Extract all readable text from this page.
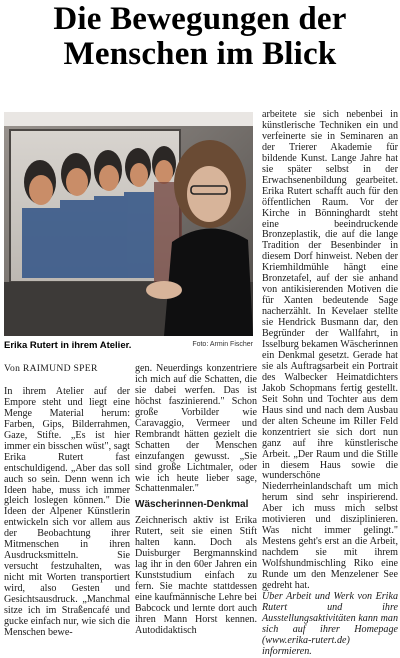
Die Bewegungen der
Menschen im Blick
Erika Rutert in ihrem Atelier.	Foto: Armin Fischer

Von RAIMUND SPER

In ihrem Atelier auf der Empore steht und liegt eine Menge Material herum: Farben, Gips, Bilderrahmen, Gaze, Stifte. „Es ist hier immer ein bisschen wüst", sagt Erika Rutert fast entschuldigend. „Aber das soll auch so sein. Denn wenn ich Ideen habe, muss ich immer gleich loslegen können." Die Ideen der Alpener Künstlerin entwickeln sich vor allem aus der Beobachtung ihrer Mitmenschen in ihren Ausdrucksmitteln. Sie versucht festzuhalten, was nicht mit Worten transportiert wird, also Gesten und Gesichtsausdruck. „Manchmal sitze ich im Straßencafé und gucke einfach nur, wie sich die Menschen bewe-

gen. Neuerdings konzentriere ich mich auf die Schatten, die sie dabei werfen. Das ist höchst faszinierend." Schon große Vorbilder wie Caravaggio, Vermeer und Rembrandt hätten gezielt die Schatten der Menschen einzufangen gewusst. „Sie sind große Lichtmaler, oder wie ich heute lieber sage, Schattenmaler."

Wäscherinnen-Denkmal

Zeichnerisch aktiv ist Erika Rutert, seit sie einen Stift halten kann. Doch als Duisburger Bergmannskind lag ihr in den 60er Jahren ein Kunststudium einfach zu fern. Sie machte stattdessen eine kaufmännische Lehre bei Babcock und lernte dort auch ihren Mann Horst kennen. Autodidaktisch

arbeitete sie sich nebenbei in künstlerische Techniken ein und verfeinerte sie in Seminaren an der Trierer Akademie für bildende Kunst. Lange Jahre hat sie später selbst in der Erwachsenenbildung gearbeitet. Erika Rutert schafft auch für den öffentlichen Raum. Vor der Kirche in Bönninghardt steht eine beeindruckende Bronzeplastik, die auf die lange Tradition der Besenbinder in diesem Dorf hinweist. Neben der Kriemhildmühle hängt eine Bronzetafel, auf der sie anhand von antikisierenden Motiven die für Xanten bedeutende Sage nacherzählt. In Kevelaer stellte sie Hendrick Busmann dar, den Begründer der Wallfahrt, in Isselburg bekamen Wäscherinnen ein Denkmal gesetzt. Gerade hat sie als Auftragsarbeit ein Portrait des Walbecker Heimatdichters Jakob Schopmans fertig gestellt. Seit Sohn und Tochter aus dem Haus sind und nach dem Ausbau der alten Scheune im Riller Feld konzentriert sie sich dort nun ganz auf ihre künstlerische Arbeit. „Der Raum und die Stille in diesem Haus sowie die wunderschöne Niederrheinlandschaft um mich herum sind sehr inspirierend. Aber ich muss mich selbst motivieren und disziplinieren. Was nicht immer gelingt." Mestens geht's erst an die Arbeit, nachdem sie mit ihrem Wolfshundmischling Riko eine Runde um den Menzelener See gedreht hat.

Über Arbeit und Werk von Erika Rutert und ihre Ausstellungsaktivitäten kann man sich auf ihrer Homepage (www.erika-rutert.de) informieren.
